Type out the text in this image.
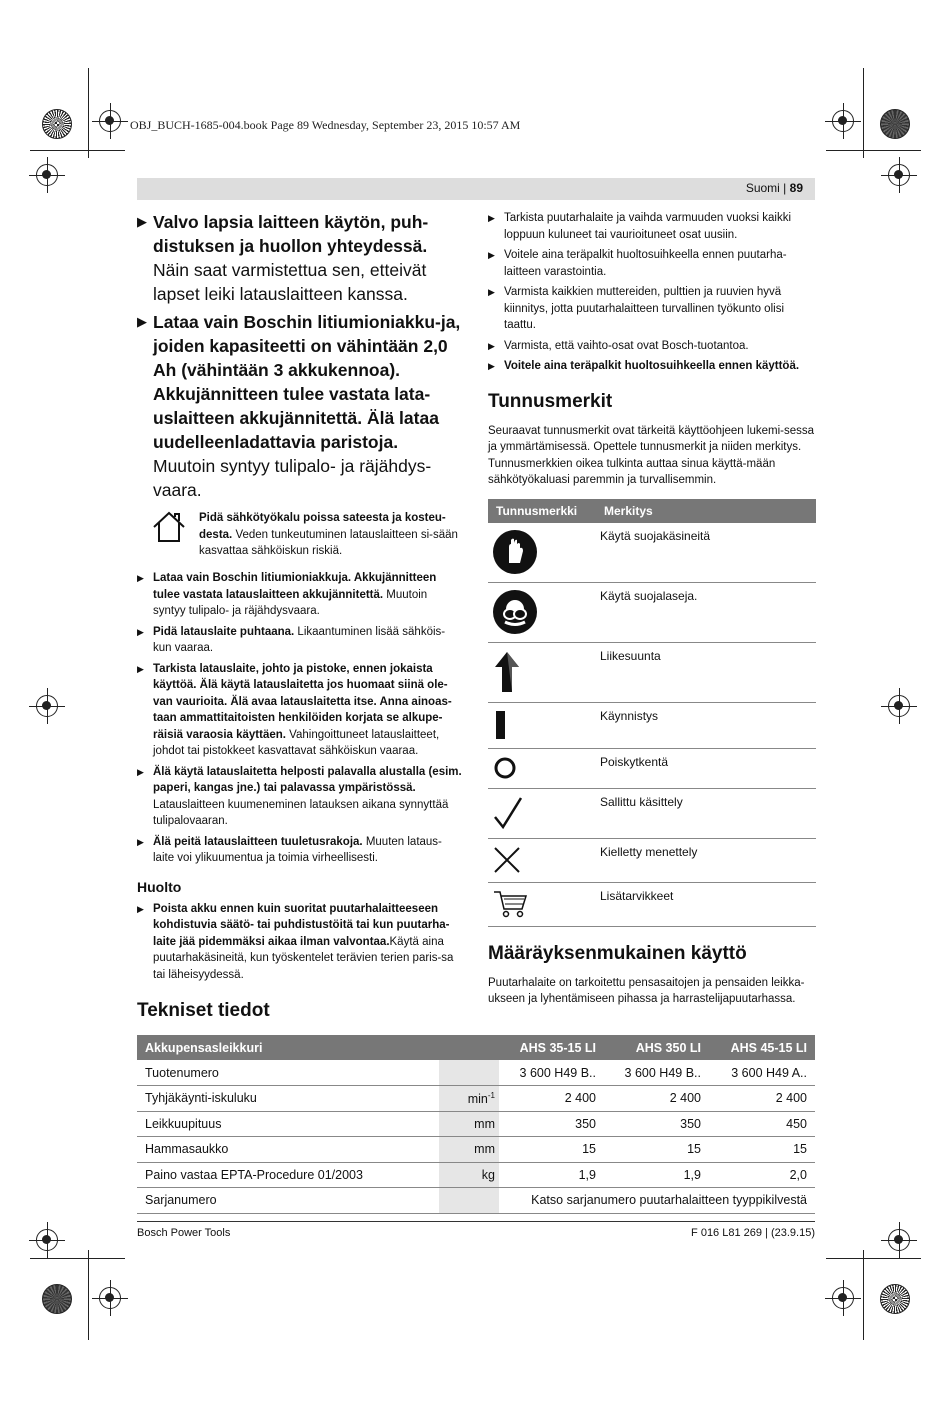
OBJ_BUCH-1685-004.book Page 89 Wednesday, September 23, 2015 10:57 AM
Suomi | 89
▶ Valvo lapsia laitteen käytön, puh-distuksen ja huollon yhteydessä. Näin saat varmistettua sen, etteivät lapset leiki latauslaitteen kanssa.
▶ Lataa vain Boschin litiumioniakku-ja, joiden kapasiteetti on vähintään 2,0 Ah (vähintään 3 akkukennoa). Akkujännitteen tulee vastata lata-uslaitteen akkujännitettä. Älä lataa uudelleenladattavia paristoja. Muutoin syntyy tulipalo- ja räjähdys-vaara.
Pidä sähkötyökalu poissa sateesta ja kosteu-desta. Veden tunkeutuminen latauslaitteen si-sään kasvattaa sähköiskun riskiä.
▶ Lataa vain Boschin litiumioniakkuja. Akkujännitteen tulee vastata latauslaitteen akkujännitettä. Muutoin syntyy tulipalo- ja räjähdysvaara.
▶ Pidä latauslaite puhtaana. Likaantuminen lisää sähköis-kun vaaraa.
▶ Tarkista latauslaite, johto ja pistoke, ennen jokaista käyttöä. Älä käytä latauslaitetta jos huomaat siinä ole-van vaurioita. Älä avaa latauslaitetta itse. Anna ainoas-taan ammattitaitoisten henkilöiden korjata se alkupe-räisiä varaosia käyttäen. Vahingoittuneet latauslaitteet, johdot tai pistokkeet kasvattavat sähköiskun vaaraa.
▶ Älä käytä latauslaitetta helposti palavalla alustalla (esim. paperi, kangas jne.) tai palavassa ympäristössä. Latauslaitteen kuumeneminen latauksen aikana synnyttää tulipalovaaran.
▶ Älä peitä latauslaitteen tuuletusrakoja. Muuten lataus-laite voi ylikuumentua ja toimia virheellisesti.
Huolto
▶ Poista akku ennen kuin suoritat puutarhalaitteeseen kohdistuvia säätö- tai puhdistustöitä tai kun puutarha-laite jää pidemmäksi aikaa ilman valvontaa.Käytä aina puutarhakäsineitä, kun työskentelet terävien terien paris-sa tai läheisyydessä.
▶ Tarkista puutarhalaite ja vaihda varmuuden vuoksi kaikki loppuun kuluneet tai vaurioituneet osat uusiin.
▶ Voitele aina teräpalkit huoltosuihkeella ennen puutarha-laitteen varastointia.
▶ Varmista kaikkien muttereiden, pulttien ja ruuvien hyvä kiinnitys, jotta puutarhalaitteen turvallinen työkunto olisi taattu.
▶ Varmista, että vaihto-osat ovat Bosch-tuotantoa.
▶ Voitele aina teräpalkit huoltosuihkeella ennen käyttöä.
Tunnusmerkit
Seuraavat tunnusmerkit ovat tärkeitä käyttöohjeen lukemi-sessa ja ymmärtämisessä. Opettele tunnusmerkit ja niiden merkitys. Tunnusmerkkien oikea tulkinta auttaa sinua käyttä-mään sähkötyökaluasi paremmin ja turvallisemmin.
Tunnusmerkki	Merkitys
	Käytä suojakäsineitä
	Käytä suojalaseja.
	Liikesuunta
	Käynnistys
	Poiskytkentä
	Sallittu käsittely
	Kielletty menettely
	Lisätarvikkeet
Määräyksenmukainen käyttö
Puutarhalaite on tarkoitettu pensasaitojen ja pensaiden leikka-ukseen ja lyhentämiseen pihassa ja harrastelijapuutarhassa.
Tekniset tiedot
Akkupensasleikkuri		AHS 35-15 LI	AHS 350 LI	AHS 45-15 LI
Tuotenumero		3 600 H49 B..	3 600 H49 B..	3 600 H49 A..
Tyhjäkäynti-iskuluku	$\min^{-1}$	2 400	2 400	2 400
Leikkuupituus	mm	350	350	450
Hammasaukko	mm	15	15	15
Paino vastaa EPTA-Procedure 01/2003	kg	1,9	1,9	2,0
Sarjanumero		Katso sarjanumero puutarhalaitteen tyyppikilvestä		
Bosch Power Tools	F 016 L81 269 | (23.9.15)
